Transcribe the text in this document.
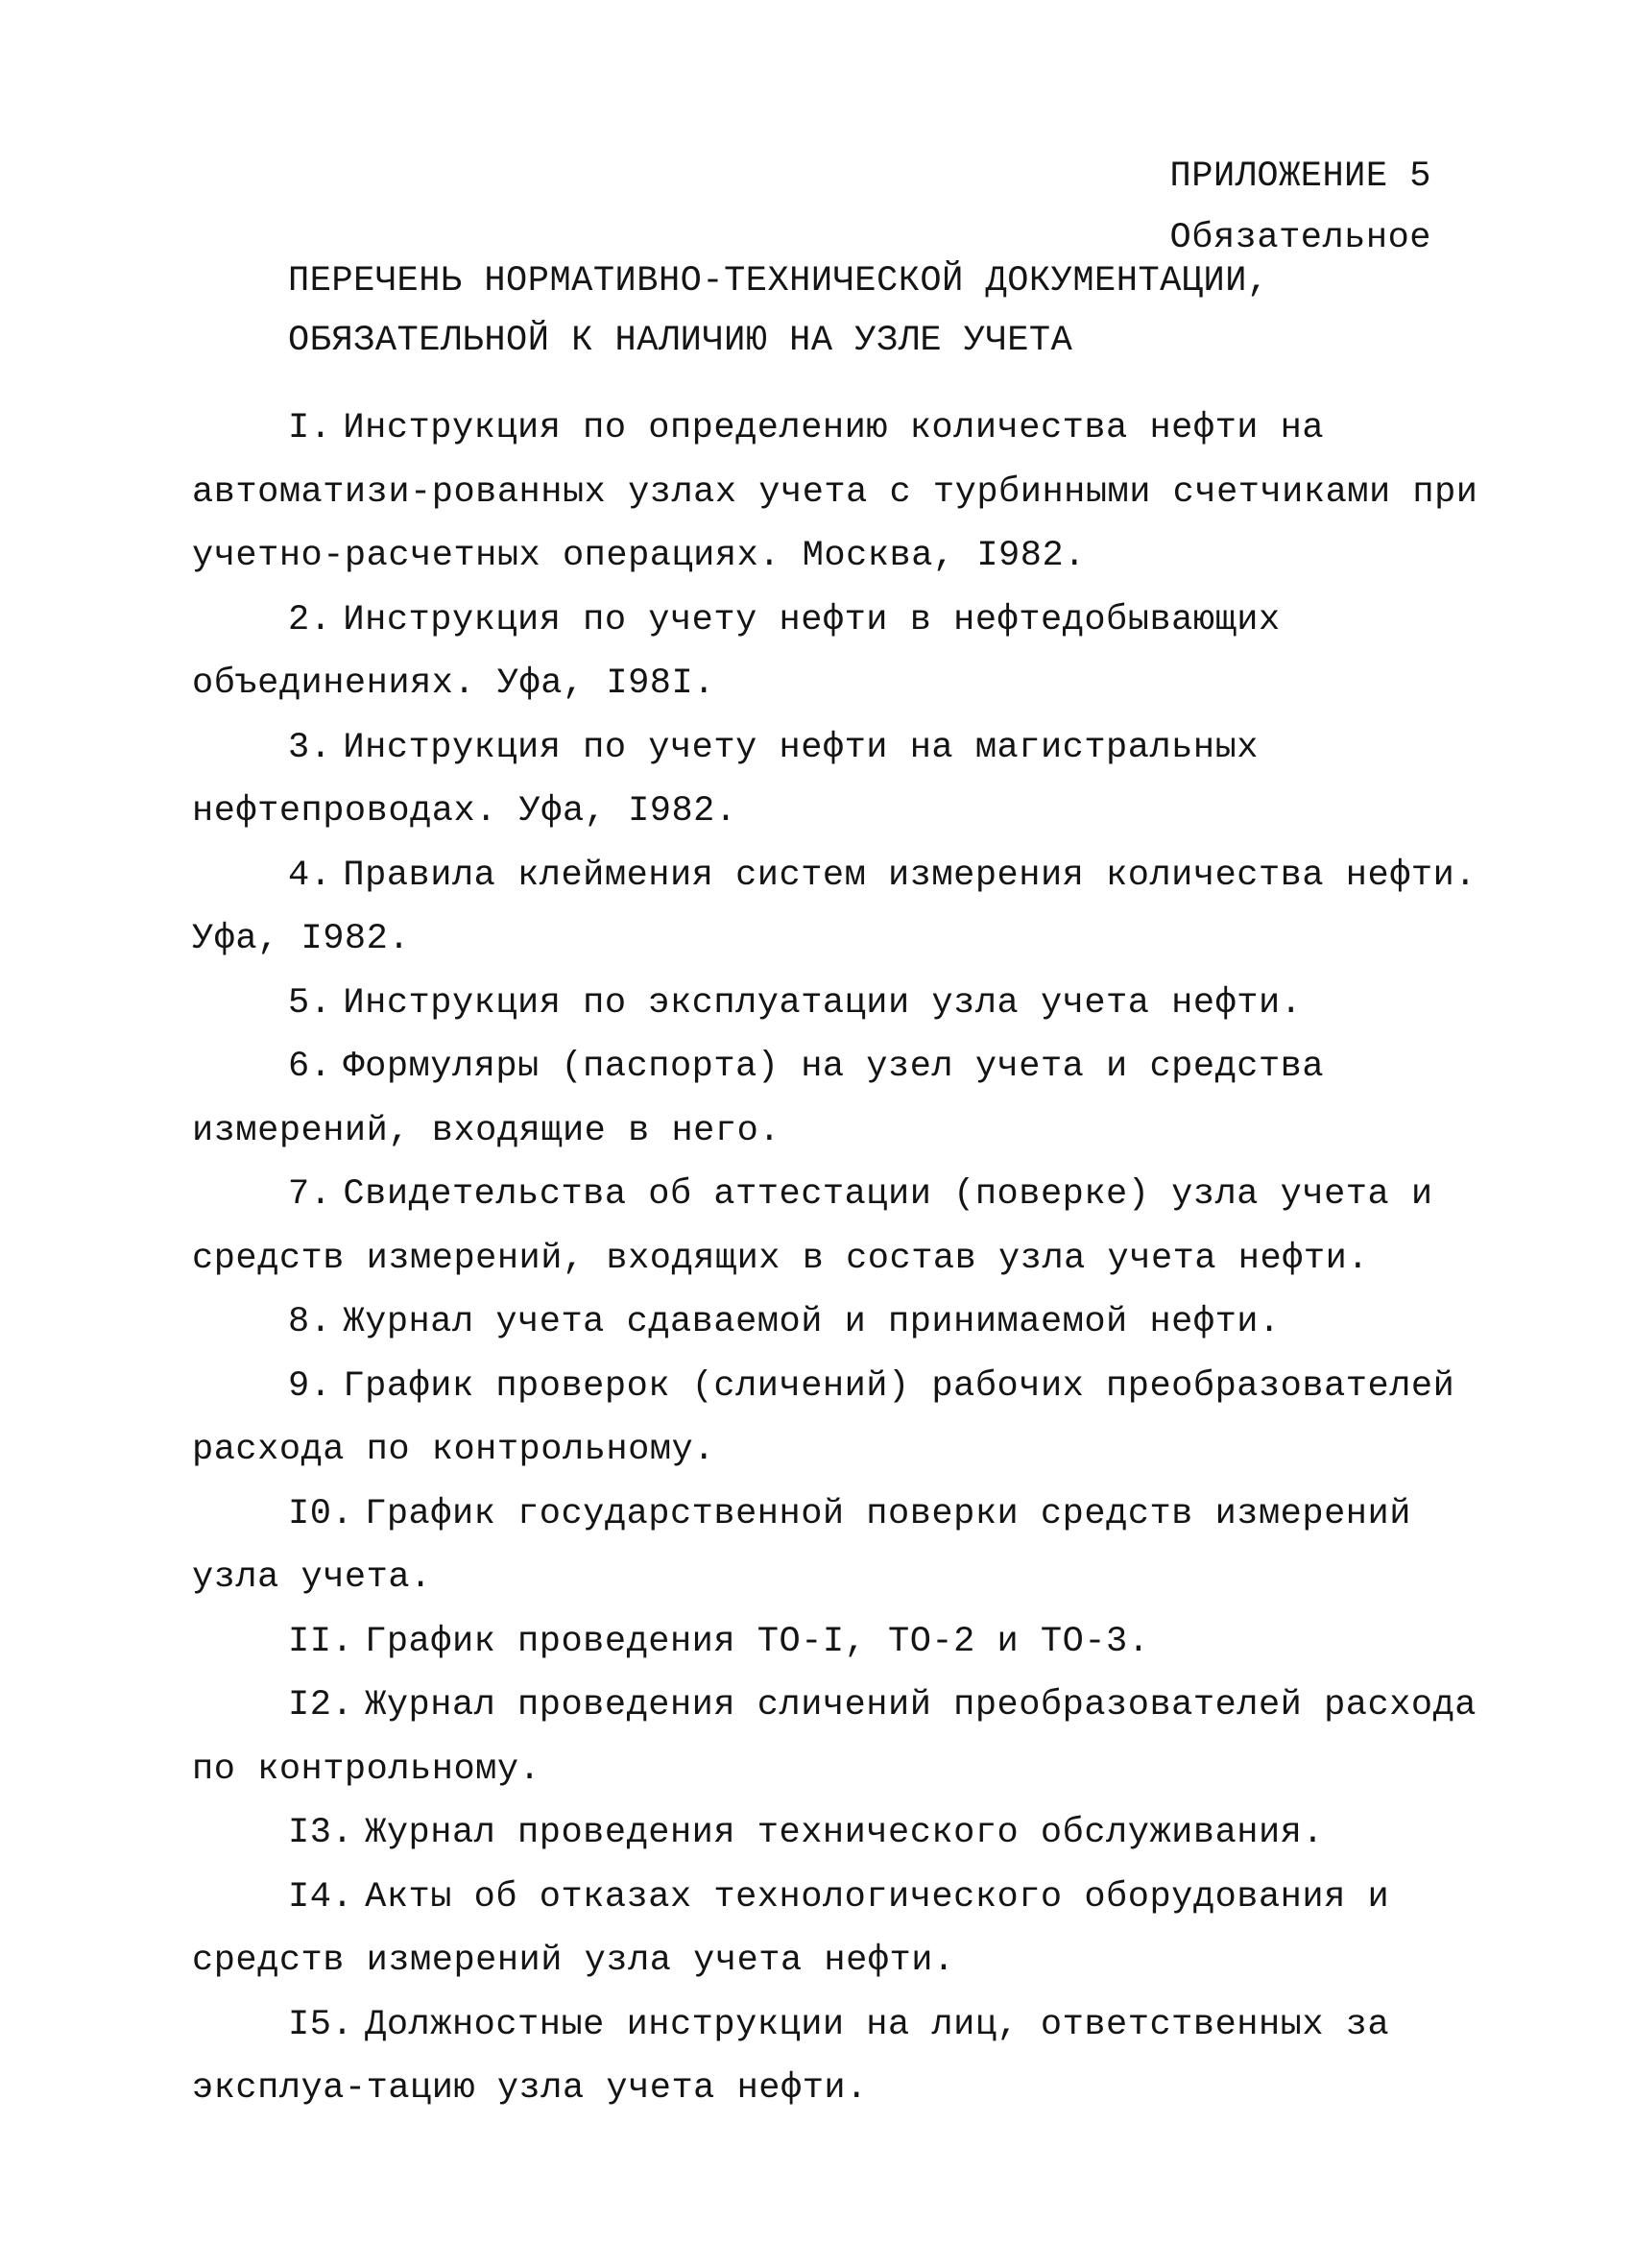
ПРИЛОЖЕНИЕ 5
Обязательное
ПЕРЕЧЕНЬ НОРМАТИВНО-ТЕХНИЧЕСКОЙ ДОКУМЕНТАЦИИ,
ОБЯЗАТЕЛЬНОЙ К НАЛИЧИЮ НА УЗЛЕ УЧЕТА

I. Инструкция по определению количества нефти на автоматизи-рованных узлах учета с турбинными счетчиками при учетно-расчетных операциях. Москва, I982.

2. Инструкция по учету нефти в нефтедобывающих объединениях. Уфа, I98I.

3. Инструкция по учету нефти на магистральных нефтепроводах. Уфа, I982.

4. Правила клеймения систем измерения количества нефти. Уфа, I982.

5. Инструкция по эксплуатации узла учета нефти.

6. Формуляры (паспорта) на узел учета и средства измерений, входящие в него.

7. Свидетельства об аттестации (поверке) узла учета и средств измерений, входящих в состав узла учета нефти.

8. Журнал учета сдаваемой и принимаемой нефти.

9. График проверок (сличений) рабочих преобразователей расхода по контрольному.

I0. График государственной поверки средств измерений узла учета.

II. График проведения ТО-I, ТО-2 и ТО-3.

I2. Журнал проведения сличений преобразователей расхода по контрольному.

I3. Журнал проведения технического обслуживания.

I4. Акты об отказах технологического оборудования и средств измерений узла учета нефти.

I5. Должностные инструкции на лиц, ответственных за эксплуа-тацию узла учета нефти.
